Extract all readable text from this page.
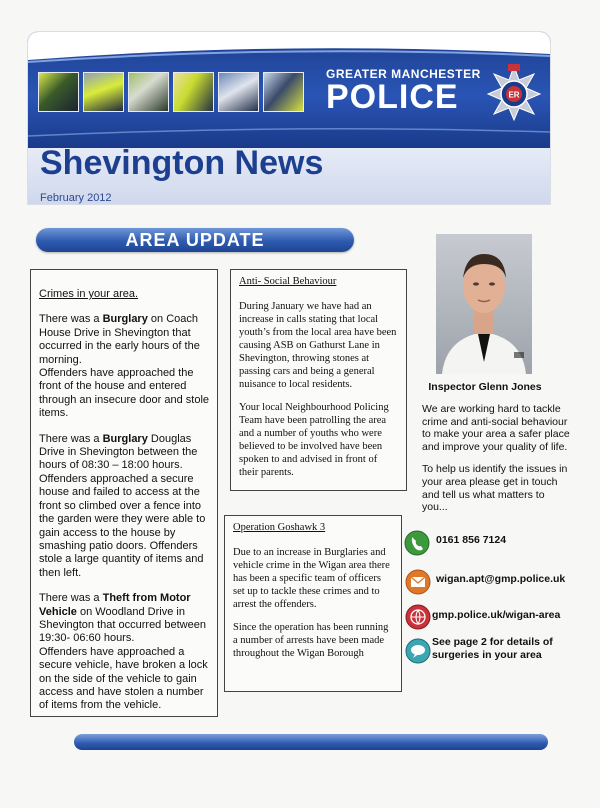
GREATER MANCHESTER
POLICE	ER
Shevington News
February 2012
AREA UPDATE

Crimes in your area.

There was a Burglary on Coach House Drive in Shevington that occurred in the early hours of the morning.
Offenders have approached the front of the house and entered through an insecure door and stole items.

There was a Burglary Douglas Drive in Shevington between the hours of 08:30 – 18:00 hours. Offenders approached a secure house and failed to access at the front so climbed over a fence into the garden were they were able to gain access to the house by smashing patio doors. Offenders stole a large quantity of items and then left.

There was a Theft from Motor Vehicle on Woodland Drive in Shevington that occurred between 19:30- 06:60 hours.
Offenders have approached a secure vehicle, have broken a lock on the side of the vehicle to gain access and have stolen a number of items from the vehicle.

Anti- Social Behaviour

During January we have had an increase in calls stating that local youth’s from the local area have been causing ASB on Gathurst Lane in Shevington, throwing stones at passing cars and being a general nuisance to local residents.

Your local Neighbourhood Policing Team have been patrolling the area and a number of youths who were believed to be involved have been spoken to and advised in front of their parents.

Operation Goshawk 3

Due to an increase in Burglaries and vehicle crime in the Wigan area there has been a specific team of officers set up to tackle these crimes and to arrest the offenders.

Since the operation has been running a number of arrests have been made throughout the Wigan Borough

Inspector Glenn Jones

We are working hard to tackle crime and anti-social behaviour to make your area a safer place and improve your quality of life.

To help us identify the issues in your area please get in touch and tell us what matters to you...

0161 856 7124
wigan.apt@gmp.police.uk
gmp.police.uk/wigan-area
See page 2 for details of surgeries in your area
